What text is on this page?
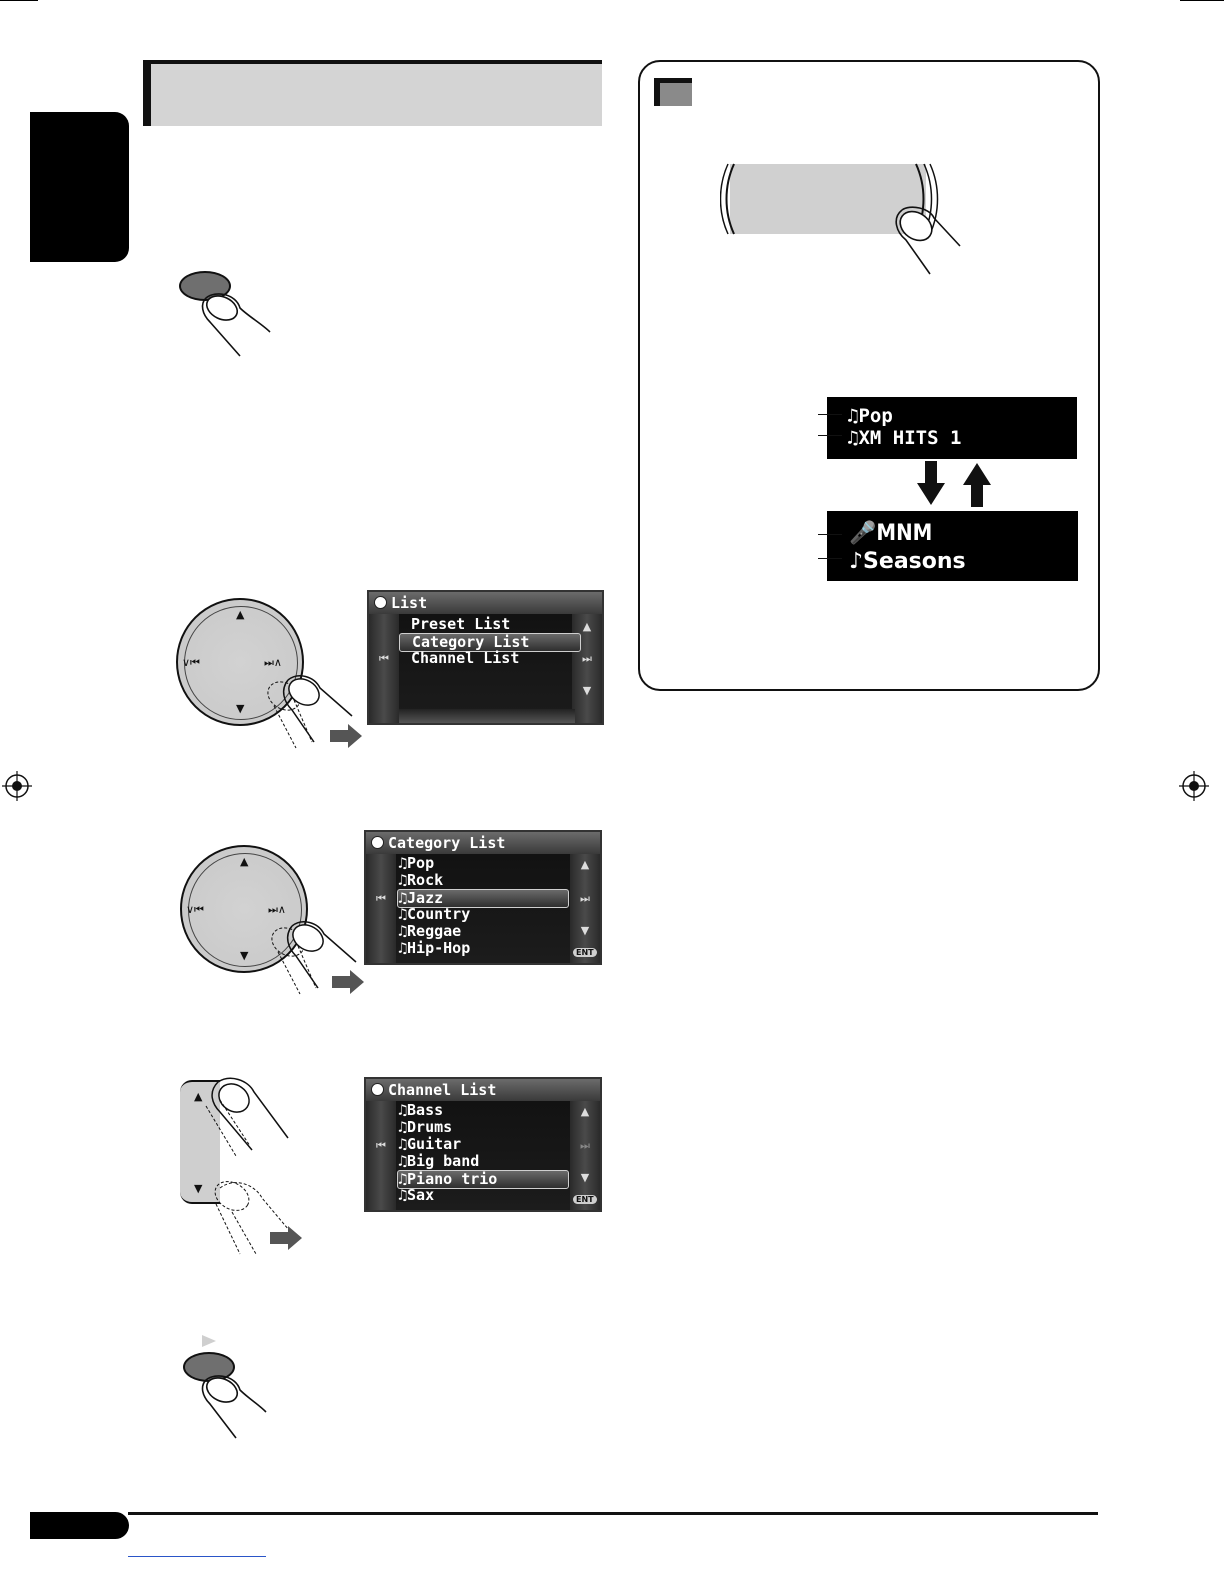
▲
▼
∨⏮	⏭∧
List
⏮
▲
⏭
▼
Preset List
Category List
Channel List
▲
▼
∨⏮	⏭∧
Category List
⏮
▲
⏭
▼
ENT
♫Pop
♫Rock
♫Jazz
♫Country
♫Reggae
♫Hip-Hop
▲
▼
Channel List
⏮
▲
⏭
▼
ENT
♫Bass
♫Drums
♫Guitar
♫Big band
♫Piano trio
♫Sax
♫Pop
♫XM HITS 1
🎤MNM
♪Seasons
